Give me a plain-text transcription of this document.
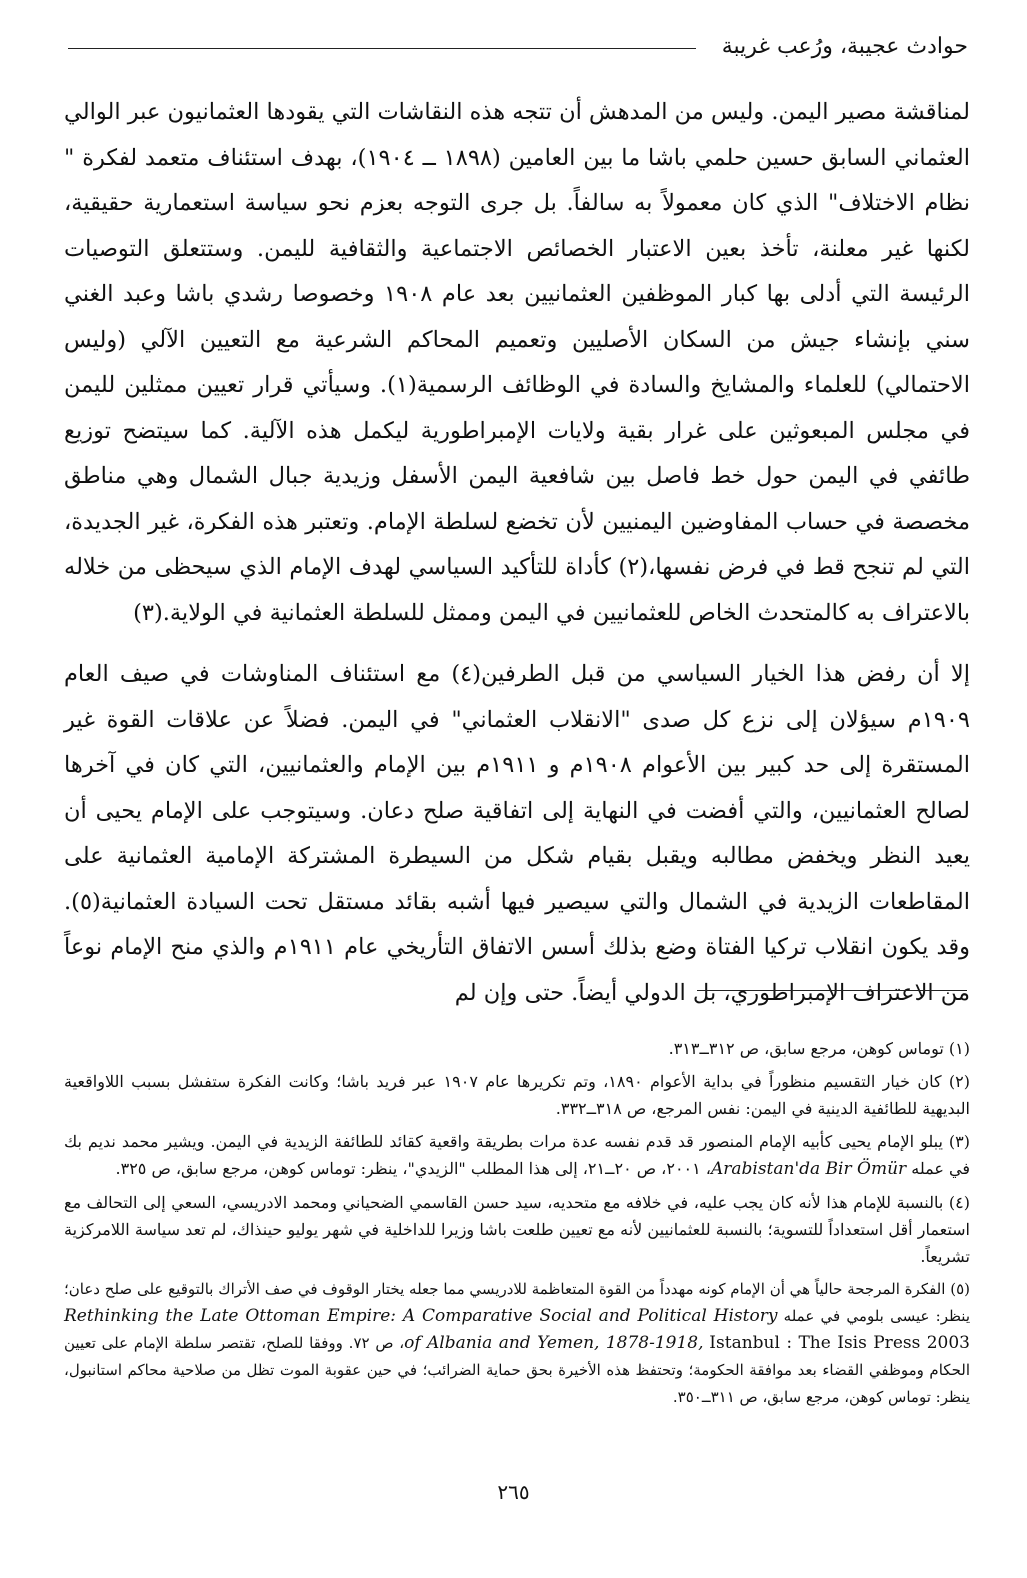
حوادث عجيبة، ورُعب غريبة

لمناقشة مصير اليمن. وليس من المدهش أن تتجه هذه النقاشات التي يقودها العثمانيون عبر الوالي العثماني السابق حسين حلمي باشا ما بين العامين (١٨٩٨ ــ ١٩٠٤)، بهدف استئناف متعمد لفكرة " نظام الاختلاف" الذي كان معمولاً به سالفاً. بل جرى التوجه بعزم نحو سياسة استعمارية حقيقية، لكنها غير معلنة، تأخذ بعين الاعتبار الخصائص الاجتماعية والثقافية لليمن. وستتعلق التوصيات الرئيسة التي أدلى بها كبار الموظفين العثمانيين بعد عام ١٩٠٨ وخصوصا رشدي باشا وعبد الغني سني بإنشاء جيش من السكان الأصليين وتعميم المحاكم الشرعية مع التعيين الآلي (وليس الاحتمالي) للعلماء والمشايخ والسادة في الوظائف الرسمية(١). وسيأتي قرار تعيين ممثلين لليمن في مجلس المبعوثين على غرار بقية ولايات الإمبراطورية ليكمل هذه الآلية. كما سيتضح توزيع طائفي في اليمن حول خط فاصل بين شافعية اليمن الأسفل وزيدية جبال الشمال وهي مناطق مخصصة في حساب المفاوضين اليمنيين لأن تخضع لسلطة الإمام. وتعتبر هذه الفكرة، غير الجديدة، التي لم تنجح قط في فرض نفسها،(٢) كأداة للتأكيد السياسي لهدف الإمام الذي سيحظى من خلاله بالاعتراف به كالمتحدث الخاص للعثمانيين في اليمن وممثل للسلطة العثمانية في الولاية.(٣)

إلا أن رفض هذا الخيار السياسي من قبل الطرفين(٤) مع استئناف المناوشات في صيف العام ١٩٠٩م سيؤلان إلى نزع كل صدى "الانقلاب العثماني" في اليمن. فضلاً عن علاقات القوة غير المستقرة إلى حد كبير بين الأعوام ١٩٠٨م و ١٩١١م بين الإمام والعثمانيين، التي كان في آخرها لصالح العثمانيين، والتي أفضت في النهاية إلى اتفاقية صلح دعان. وسيتوجب على الإمام يحيى أن يعيد النظر ويخفض مطالبه ويقبل بقيام شكل من السيطرة المشتركة الإمامية العثمانية على المقاطعات الزيدية في الشمال والتي سيصير فيها أشبه بقائد مستقل تحت السيادة العثمانية(٥). وقد يكون انقلاب تركيا الفتاة وضع بذلك أسس الاتفاق التأريخي عام ١٩١١م والذي منح الإمام نوعاً من الاعتراف الإمبراطوري، بل الدولي أيضاً. حتى وإن لم

(١) توماس كوهن، مرجع سابق، ص ٣١٢ــ٣١٣.

(٢) كان خيار التقسيم منظوراً في بداية الأعوام ١٨٩٠، وتم تكريرها عام ١٩٠٧ عبر فريد باشا؛ وكانت الفكرة ستفشل بسبب اللاواقعية البديهية للطائفية الدينية في اليمن: نفس المرجع، ص ٣١٨ــ٣٣٢.

(٣) يبلو الإمام يحيى كأبيه الإمام المنصور قد قدم نفسه عدة مرات بطريقة واقعية كقائد للطائفة الزيدية في اليمن. ويشير محمد نديم بك في عمله Arabistan'da Bir Ömür، ٢٠٠١، ص ٢٠ــ٢١، إلى هذا المطلب "الزيدي"، ينظر: توماس كوهن، مرجع سابق، ص ٣٢٥.

(٤) بالنسبة للإمام هذا لأنه كان يجب عليه، في خلافه مع متحديه، سيد حسن القاسمي الضحياني ومحمد الادريسي، السعي إلى التحالف مع استعمار أقل استعداداً للتسوية؛ بالنسبة للعثمانيين لأنه مع تعيين طلعت باشا وزيرا للداخلية في شهر يوليو حينذاك، لم تعد سياسة اللامركزية تشريعاً.

(٥) الفكرة المرجحة حالياً هي أن الإمام كونه مهدداً من القوة المتعاظمة للادريسي مما جعله يختار الوقوف في صف الأتراك بالتوقيع على صلح دعان؛ ينظر: عيسى بلومي في عمله Rethinking the Late Ottoman Empire: A Comparative Social and Political History of Albania and Yemen, 1878-1918, Istanbul : The Isis Press 2003، ص ٧٢. ووفقا للصلح، تقتصر سلطة الإمام على تعيين الحكام وموظفي القضاء بعد موافقة الحكومة؛ وتحتفظ هذه الأخيرة بحق حماية الضرائب؛ في حين عقوبة الموت تظل من صلاحية محاكم استانبول، ينظر: توماس كوهن، مرجع سابق، ص ٣١١ــ٣٥٠.

٢٦٥
